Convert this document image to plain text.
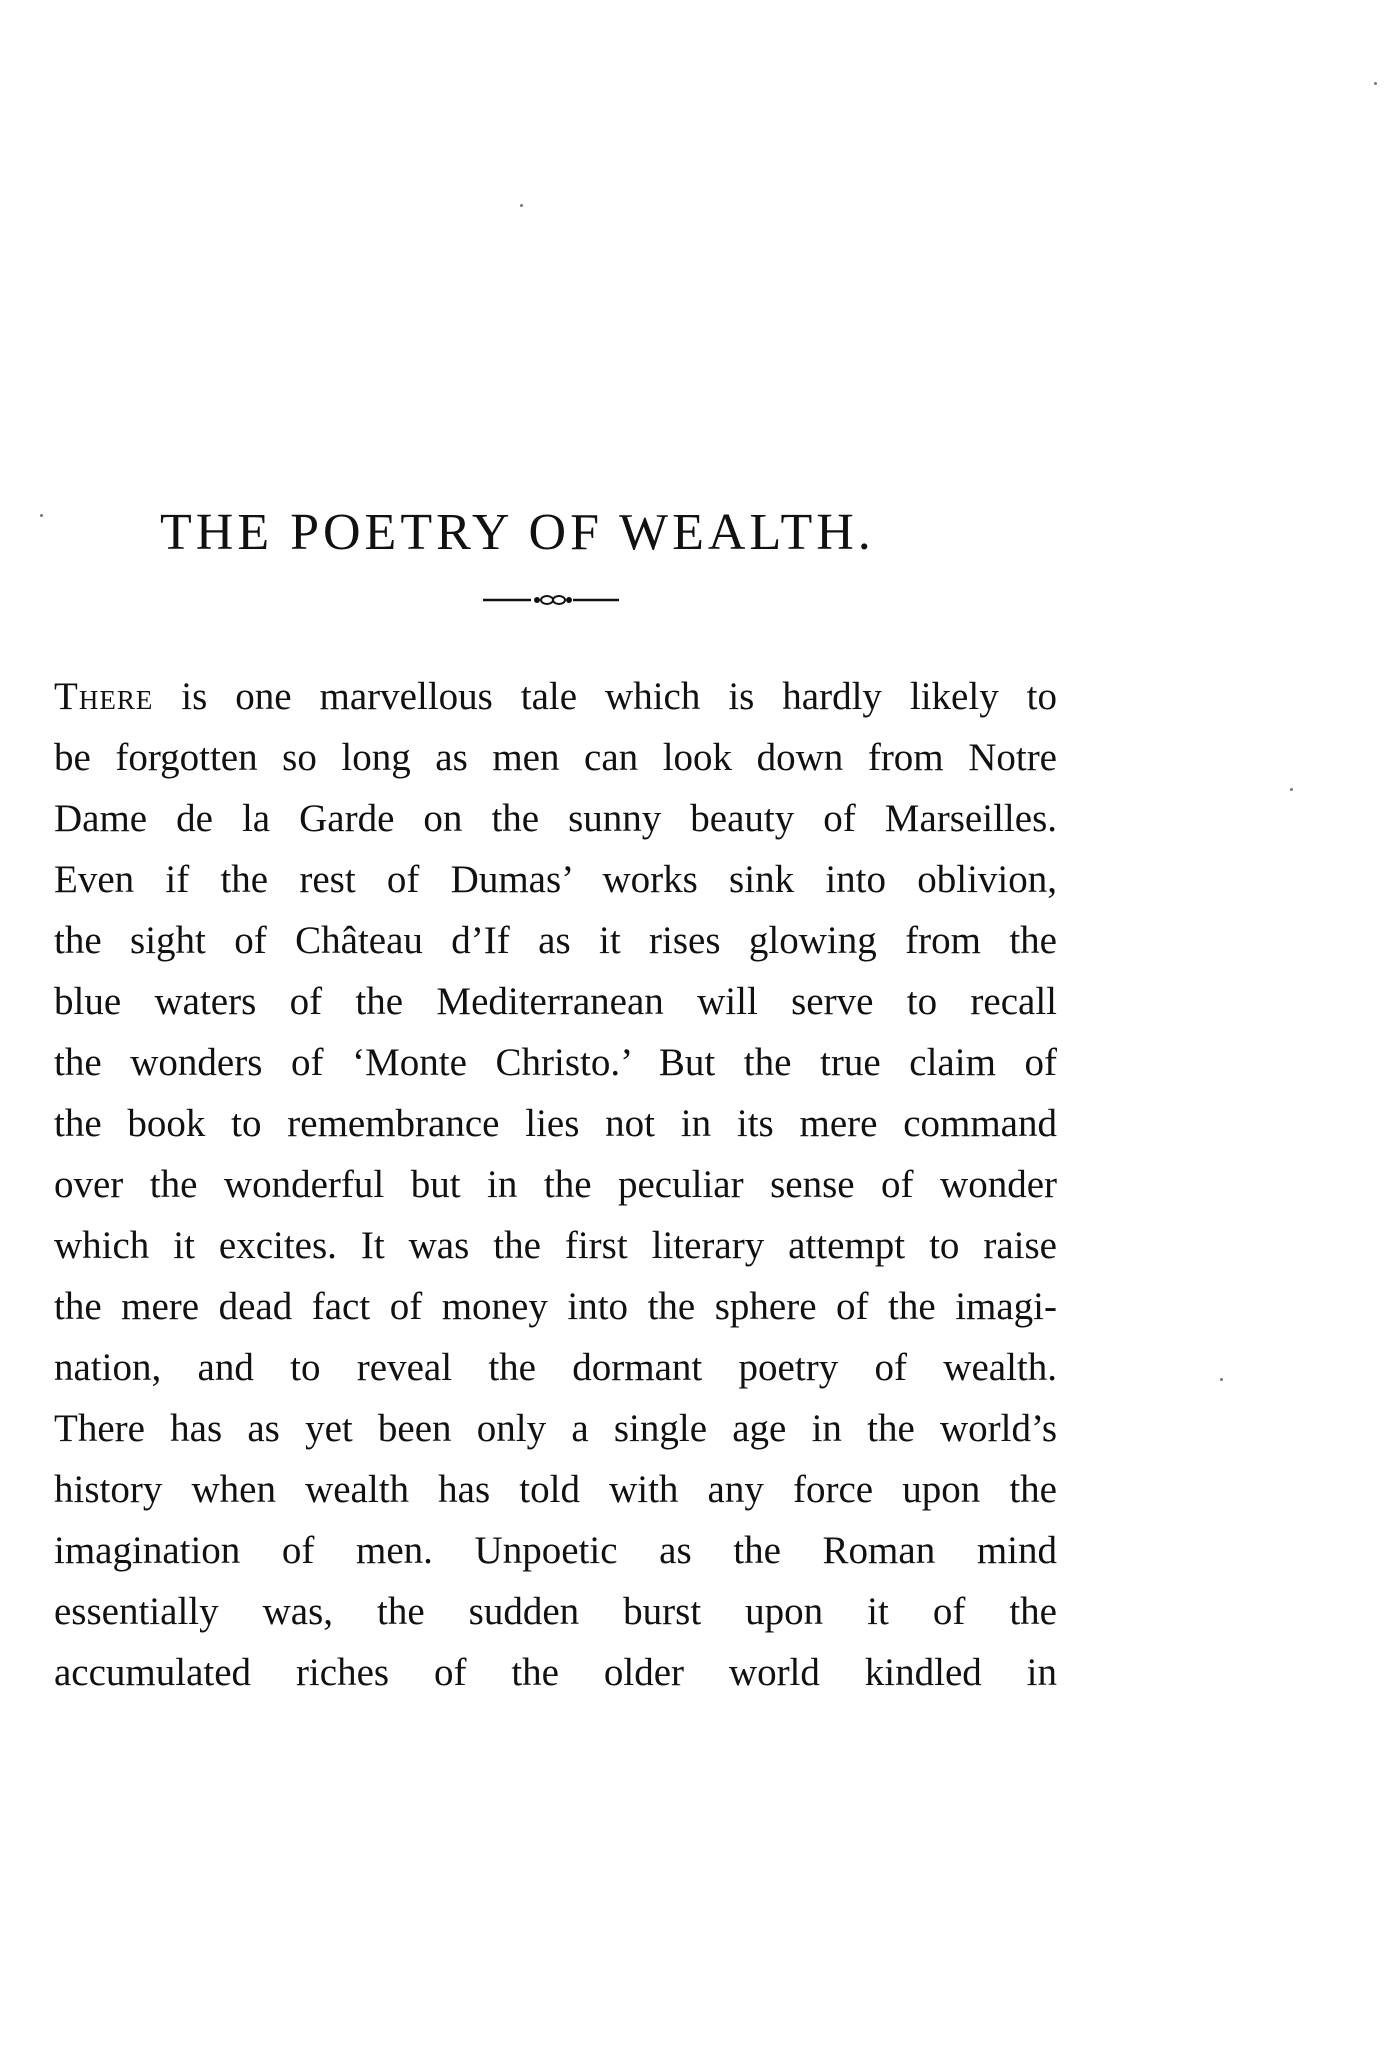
THE POETRY OF WEALTH.
There is one marvellous tale which is hardly likely to
be forgotten so long as men can look down from Notre
Dame de la Garde on the sunny beauty of Marseilles.
Even if the rest of Dumas’ works sink into oblivion,
the sight of Château d’If as it rises glowing from the
blue waters of the Mediterranean will serve to recall
the wonders of ‘Monte Christo.’ But the true claim of
the book to remembrance lies not in its mere command
over the wonderful but in the peculiar sense of wonder
which it excites. It was the first literary attempt to raise
the mere dead fact of money into the sphere of the imagi-
nation, and to reveal the dormant poetry of wealth.
There has as yet been only a single age in the world’s
history when wealth has told with any force upon the
imagination of men. Unpoetic as the Roman mind
essentially was, the sudden burst upon it of the
accumulated riches of the older world kindled in
